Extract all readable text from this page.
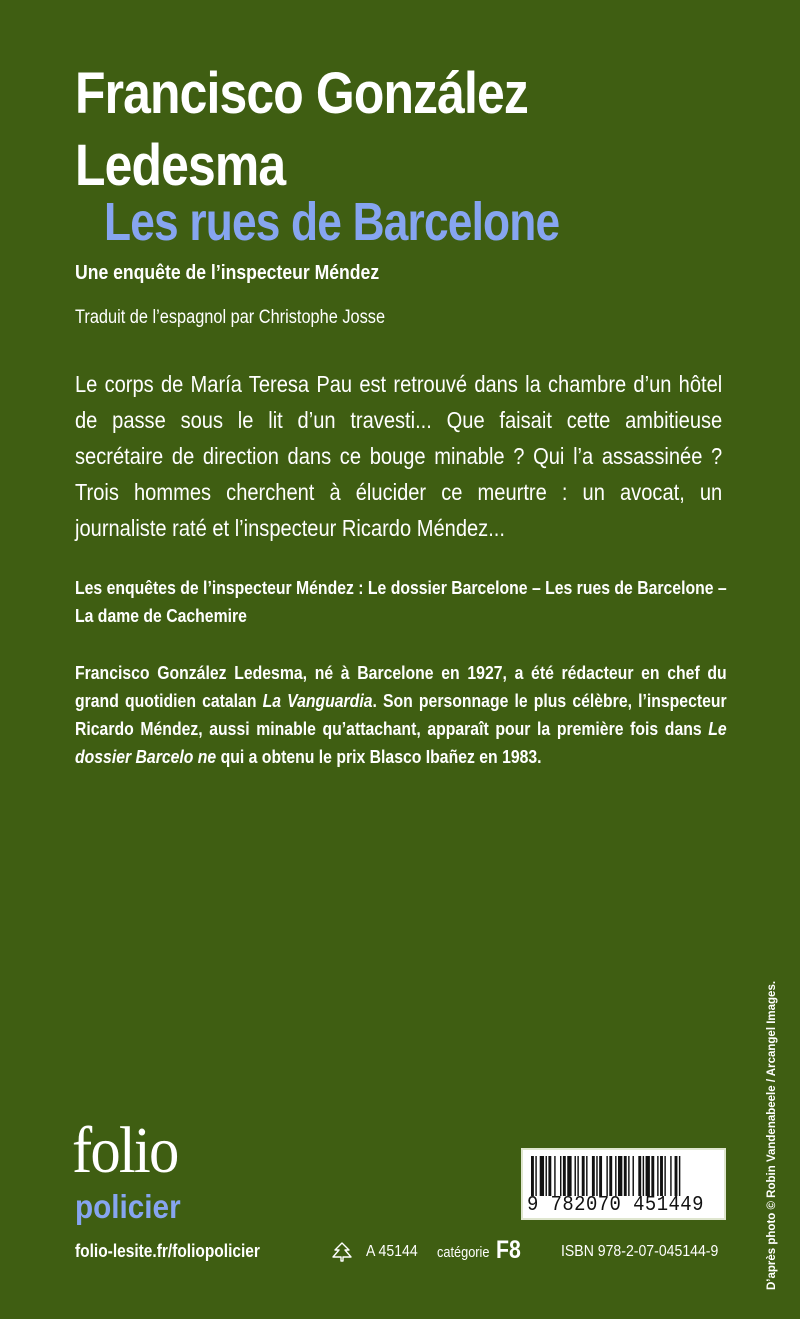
Francisco González Ledesma
Les rues de Barcelone
Une enquête de l’inspecteur Méndez
Traduit de l’espagnol par Christophe Josse

Le corps de María Teresa Pau est retrouvé dans la chambre d’un hôtel de passe sous le lit d’un travesti... Que faisait cette ambitieuse secrétaire de direction dans ce bouge minable ? Qui l’a assassinée ? Trois hommes cherchent à élucider ce meurtre : un avocat, un journaliste raté et l’inspecteur Ricardo Méndez...

Les enquêtes de l’inspecteur Méndez : Le dossier Barcelone – Les rues de Barcelone – La dame de Cachemire
Francisco González Ledesma, né à Barcelone en 1927, a été rédacteur en chef du grand quotidien catalan La Vanguardia. Son personnage le plus célèbre, l’inspecteur Ricardo Méndez, aussi minable qu’attachant, apparaît pour la première fois dans Le dossier Barcelo ne qui a obtenu le prix Blasco Ibañez en 1983.
D’après photo © Robin Vandenabeele / Arcangel Images.
folio
policier
folio-lesite.fr/foliopolicier	A 45144 catégorie F8	ISBN 978-2-07-045144-9
9 782070 451449
